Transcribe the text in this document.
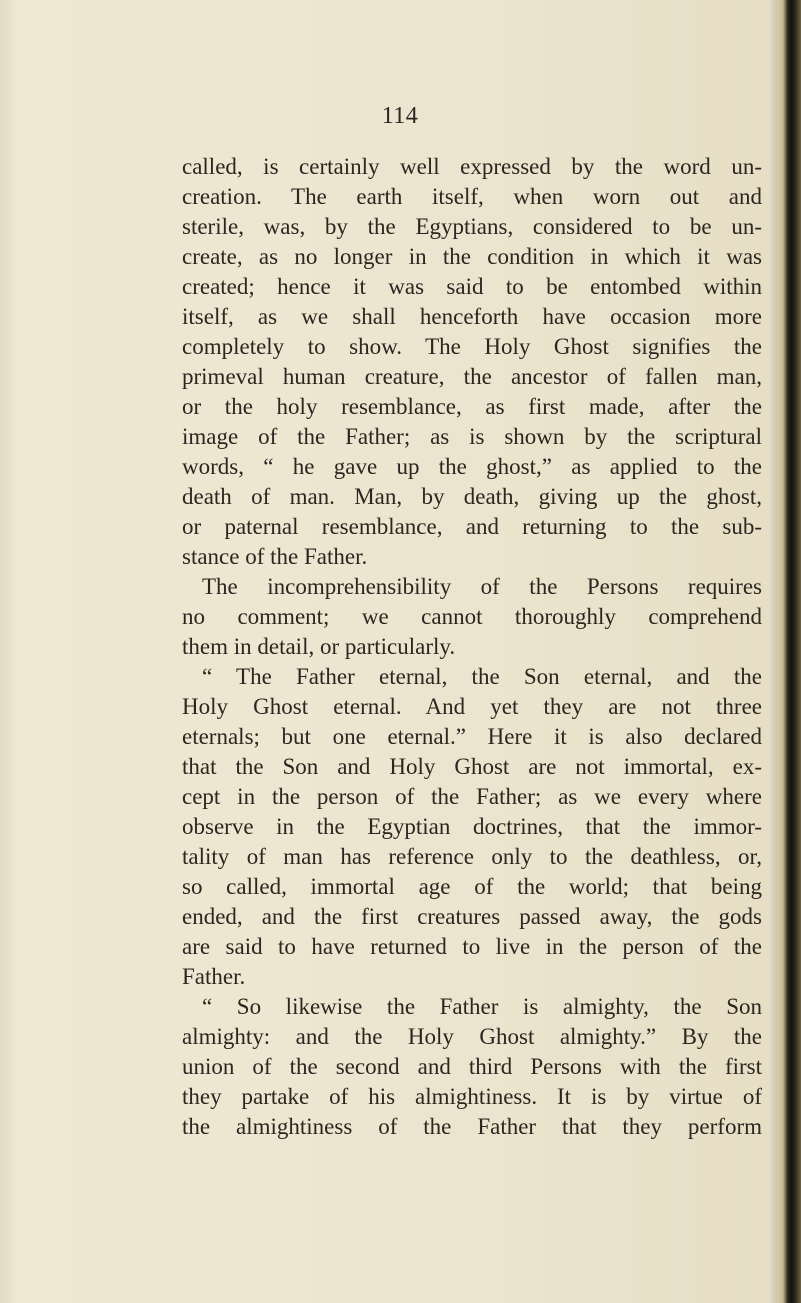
114
called, is certainly well expressed by the word un-
creation. The earth itself, when worn out and
sterile, was, by the Egyptians, considered to be un-
create, as no longer in the condition in which it was
created; hence it was said to be entombed within
itself, as we shall henceforth have occasion more
completely to show. The Holy Ghost signifies the
primeval human creature, the ancestor of fallen man,
or the holy resemblance, as first made, after the
image of the Father; as is shown by the scriptural
words, “ he gave up the ghost,” as applied to the
death of man. Man, by death, giving up the ghost,
or paternal resemblance, and returning to the sub-
stance of the Father.
The incomprehensibility of the Persons requires
no comment; we cannot thoroughly comprehend
them in detail, or particularly.
“ The Father eternal, the Son eternal, and the
Holy Ghost eternal. And yet they are not three
eternals; but one eternal.” Here it is also declared
that the Son and Holy Ghost are not immortal, ex-
cept in the person of the Father; as we every where
observe in the Egyptian doctrines, that the immor-
tality of man has reference only to the deathless, or,
so called, immortal age of the world; that being
ended, and the first creatures passed away, the gods
are said to have returned to live in the person of the
Father.
“ So likewise the Father is almighty, the Son
almighty: and the Holy Ghost almighty.” By the
union of the second and third Persons with the first
they partake of his almightiness. It is by virtue of
the almightiness of the Father that they perform
